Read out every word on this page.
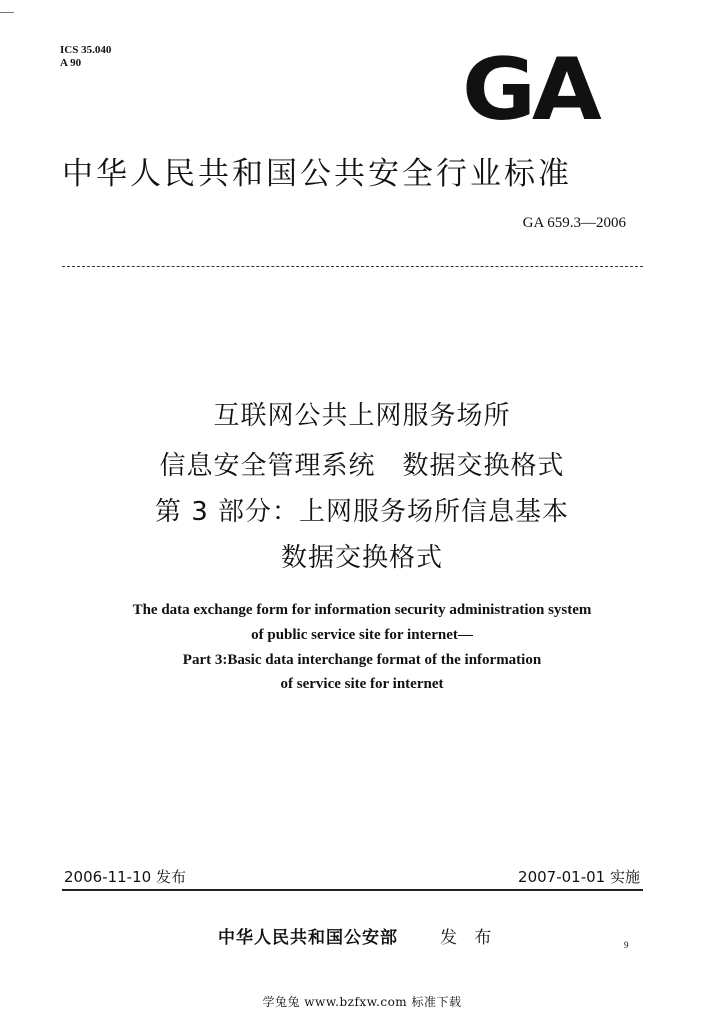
ICS 35.040
A 90	GA
中华人民共和国公共安全行业标准
GA 659.3—2006
互联网公共上网服务场所
信息安全管理系统　数据交换格式
第 3 部分：上网服务场所信息基本
数据交换格式
The data exchange form for information security administration system
of public service site for internet—
Part 3:Basic data interchange format of the information
of service site for internet
2006-11-10 发布	2007-01-01 实施
中华人民共和国公安部 发 布	9
学兔兔 www.bzfxw.com 标准下载
